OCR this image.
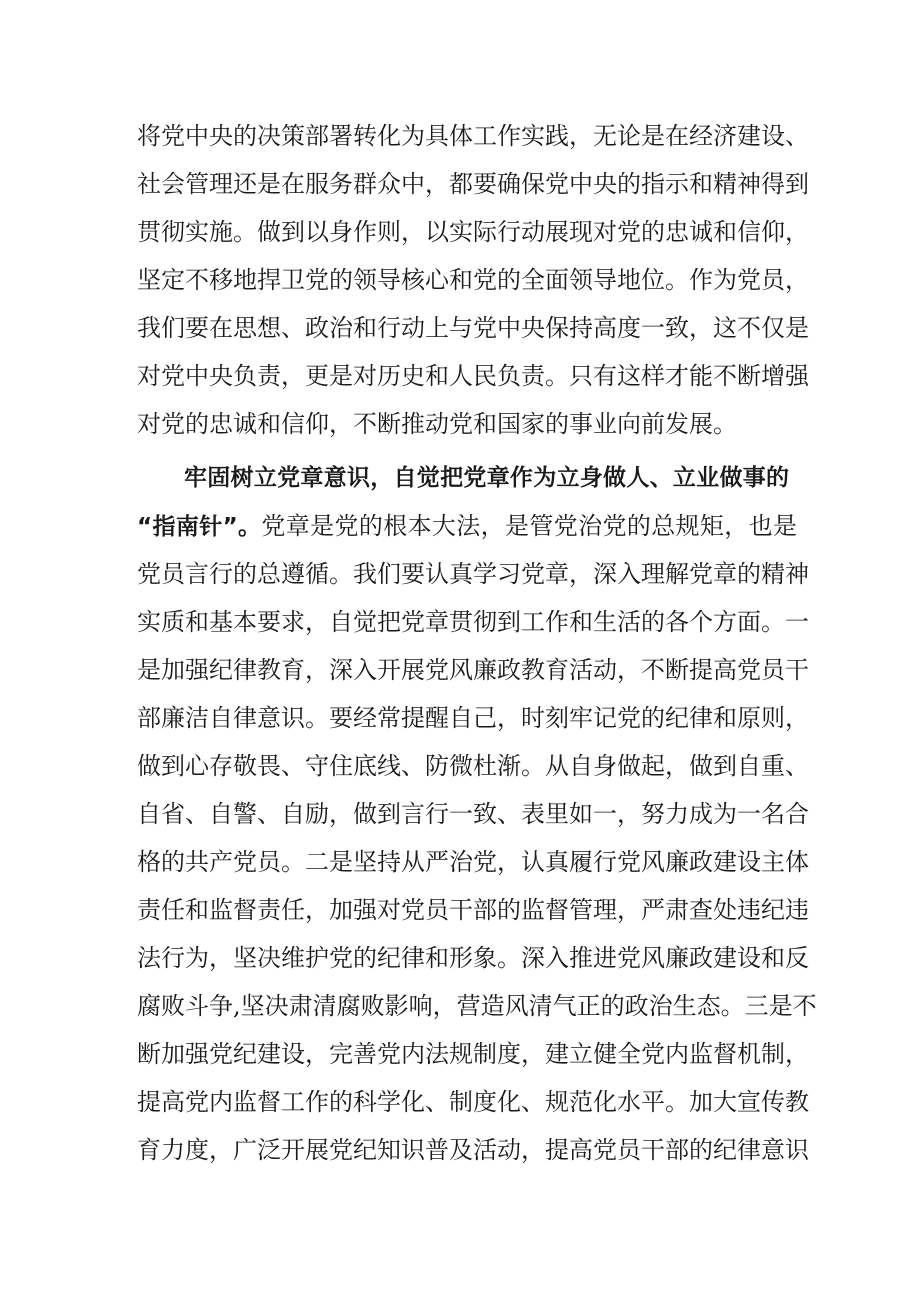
将党中央的决策部署转化为具体工作实践，无论是在经济建设、
社会管理还是在服务群众中，都要确保党中央的指示和精神得到
贯彻实施。做到以身作则，以实际行动展现对党的忠诚和信仰，
坚定不移地捍卫党的领导核心和党的全面领导地位。作为党员，
我们要在思想、政治和行动上与党中央保持高度一致，这不仅是
对党中央负责，更是对历史和人民负责。只有这样才能不断增强
对党的忠诚和信仰，不断推动党和国家的事业向前发展。
牢固树立党章意识，自觉把党章作为立身做人、立业做事的
“指南针”。党章是党的根本大法，是管党治党的总规矩，也是
党员言行的总遵循。我们要认真学习党章，深入理解党章的精神
实质和基本要求，自觉把党章贯彻到工作和生活的各个方面。一
是加强纪律教育，深入开展党风廉政教育活动，不断提高党员干
部廉洁自律意识。要经常提醒自己，时刻牢记党的纪律和原则，
做到心存敬畏、守住底线、防微杜渐。从自身做起，做到自重、
自省、自警、自励，做到言行一致、表里如一，努力成为一名合
格的共产党员。二是坚持从严治党，认真履行党风廉政建设主体
责任和监督责任，加强对党员干部的监督管理，严肃查处违纪违
法行为，坚决维护党的纪律和形象。深入推进党风廉政建设和反
腐败斗争,坚决肃清腐败影响，营造风清气正的政治生态。三是不
断加强党纪建设，完善党内法规制度，建立健全党内监督机制，
提高党内监督工作的科学化、制度化、规范化水平。加大宣传教
育力度，广泛开展党纪知识普及活动，提高党员干部的纪律意识
